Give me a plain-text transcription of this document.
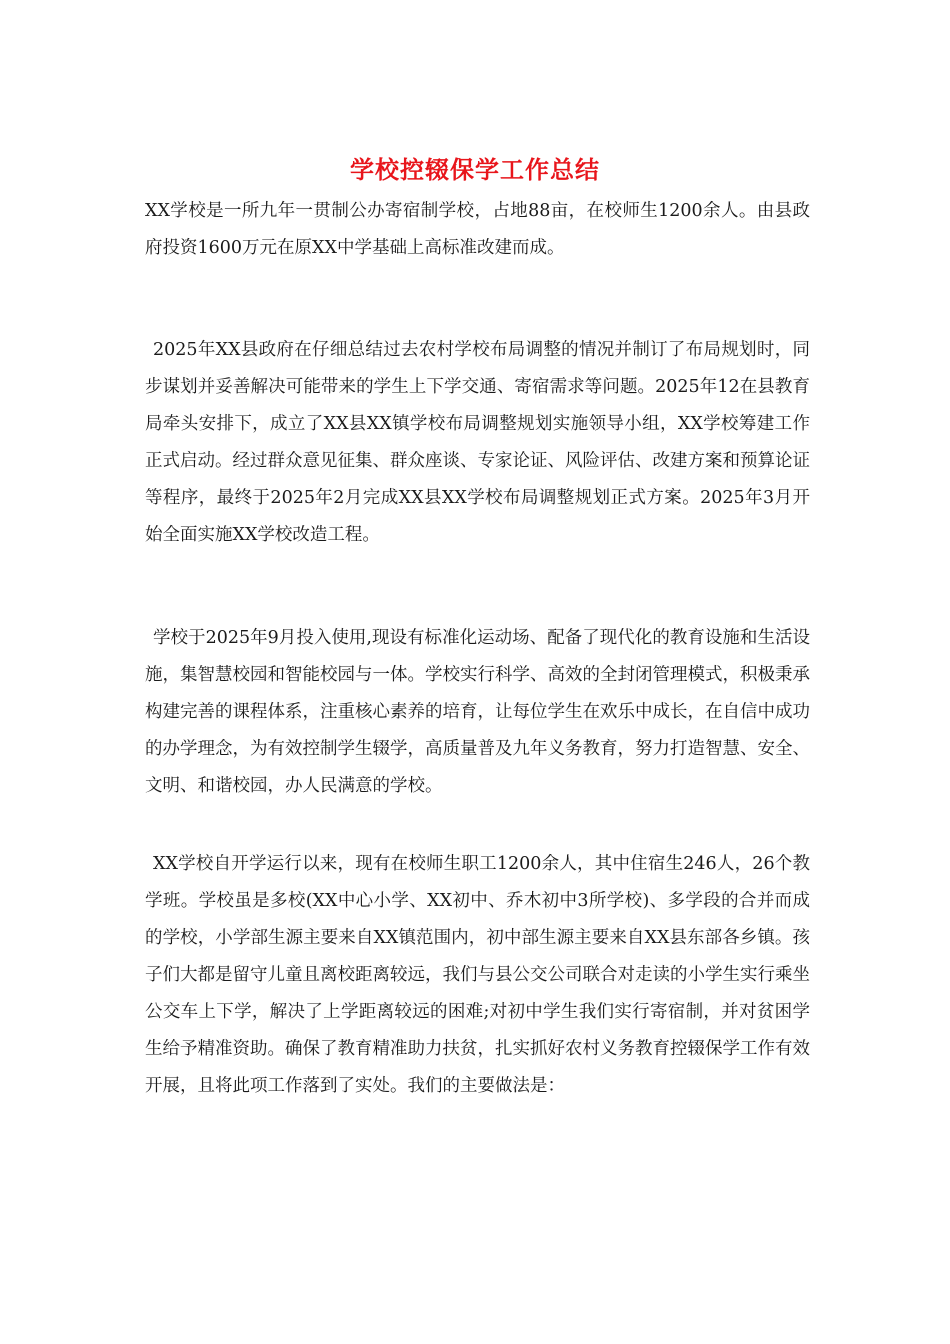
学校控辍保学工作总结

XX学校是一所九年一贯制公办寄宿制学校，占地88亩，在校师生1200余人。由县政府投资1600万元在原XX中学基础上高标准改建而成。

2025年XX县政府在仔细总结过去农村学校布局调整的情况并制订了布局规划时，同步谋划并妥善解决可能带来的学生上下学交通、寄宿需求等问题。2025年12在县教育局牵头安排下，成立了XX县XX镇学校布局调整规划实施领导小组，XX学校筹建工作正式启动。经过群众意见征集、群众座谈、专家论证、风险评估、改建方案和预算论证等程序，最终于2025年2月完成XX县XX学校布局调整规划正式方案。2025年3月开始全面实施XX学校改造工程。

学校于2025年9月投入使用,现设有标准化运动场、配备了现代化的教育设施和生活设施，集智慧校园和智能校园与一体。学校实行科学、高效的全封闭管理模式，积极秉承 构建完善的课程体系，注重核心素养的培育，让每位学生在欢乐中成长，在自信中成功 的办学理念，为有效控制学生辍学，高质量普及九年义务教育，努力打造智慧、安全、文明、和谐校园，办人民满意的学校。

XX学校自开学运行以来，现有在校师生职工1200余人，其中住宿生246人，26个教学班。学校虽是多校(XX中心小学、XX初中、乔木初中3所学校)、多学段的合并而成的学校，小学部生源主要来自XX镇范围内，初中部生源主要来自XX县东部各乡镇。孩子们大都是留守儿童且离校距离较远，我们与县公交公司联合对走读的小学生实行乘坐公交车上下学，解决了上学距离较远的困难;对初中学生我们实行寄宿制，并对贫困学生给予精准资助。确保了教育精准助力扶贫，扎实抓好农村义务教育控辍保学工作有效开展，且将此项工作落到了实处。我们的主要做法是：
